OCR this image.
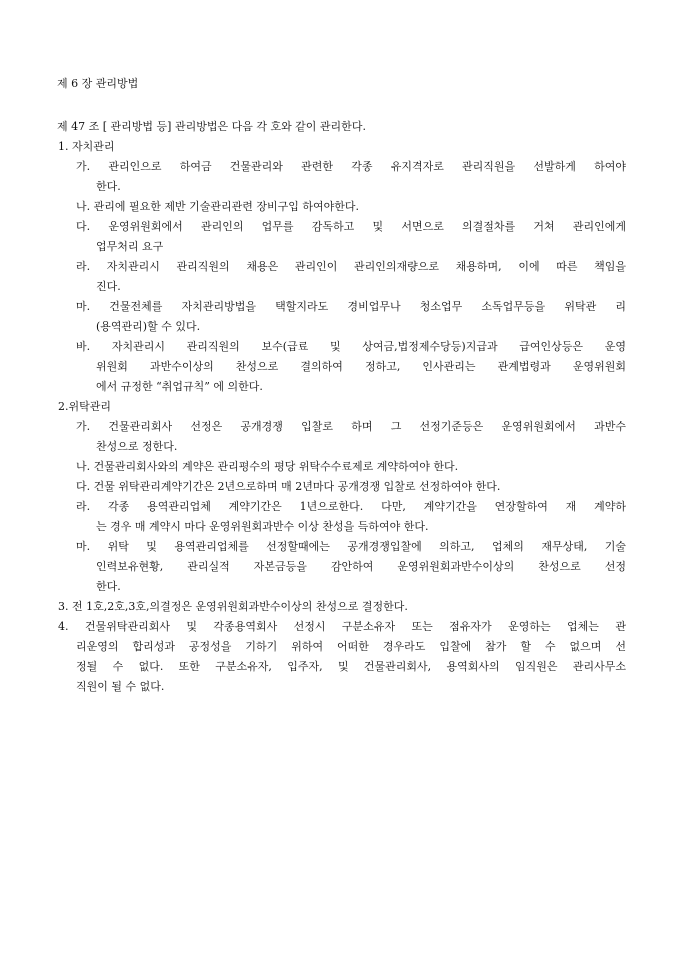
제 6 장 관리방법
제 47 조 [ 관리방법 등] 관리방법은 다음 각 호와 같이 관리한다.
1. 자치관리
가. 관리인으로 하여금 건물관리와 관련한 각종 유지격자로 관리직원을 선발하게 하여야
한다.
나. 관리에 필요한 제반 기술관리관련 장비구입 하여야한다.
다. 운영위원회에서 관리인의 업무를 감독하고 및 서면으로 의결절차를 거쳐 관리인에게
업무처리 요구
라. 자치관리시 관리직원의 채용은 관리인이 관리인의재량으로 채용하며, 이에 따른 책임을
진다.
마. 건물전체를 자치관리방법을 택할지라도 경비업무나 청소업무 소독업무등을 위탁관 리
(용역관리)할 수 있다.
바. 자치관리시 관리직원의 보수(급료 및 상여금,법정제수당등)지급과 급여인상등은 운영
위원회 과반수이상의 찬성으로 결의하여 정하고, 인사관리는 관계법령과 운영위원회
에서 규정한 “취업규칙” 에 의한다.
2.위탁관리
가. 건물관리회사 선정은 공개경쟁 입찰로 하며 그 선정기준등은 운영위원회에서 과반수
찬성으로 정한다.
나. 건물관리회사와의 계약은 관리평수의 평당 위탁수수료제로 계약하여야 한다.
다. 건물 위탁관리계약기간은 2년으로하며 매 2년마다 공개경쟁 입찰로 선정하여야 한다.
라. 각종 용역관리업체 계약기간은 1년으로한다. 다만, 계약기간을 연장할하여 재 계약하
는 경우 매 계약시 마다 운영위원회과반수 이상 찬성을 득하여야 한다.
마. 위탁 및 용역관리업체를 선정할때에는 공개경쟁입찰에 의하고, 업체의 재무상태, 기술
인력보유현황, 관리실적 자본금등을 감안하여 운영위원회과반수이상의 찬성으로 선정
한다.
3. 전 1호,2호,3호,의결정은 운영위원회과반수이상의 찬성으로 결정한다.
4. 건물위탁관리회사 및 각종용역회사 선정시 구분소유자 또는 점유자가 운영하는 업체는 관
리운영의 합리성과 공정성을 기하기 위하여 어떠한 경우라도 입찰에 참가 할 수 없으며 선
정될 수 없다. 또한 구분소유자, 입주자, 및 건물관리회사, 용역회사의 임직원은 관리사무소
직원이 될 수 없다.
